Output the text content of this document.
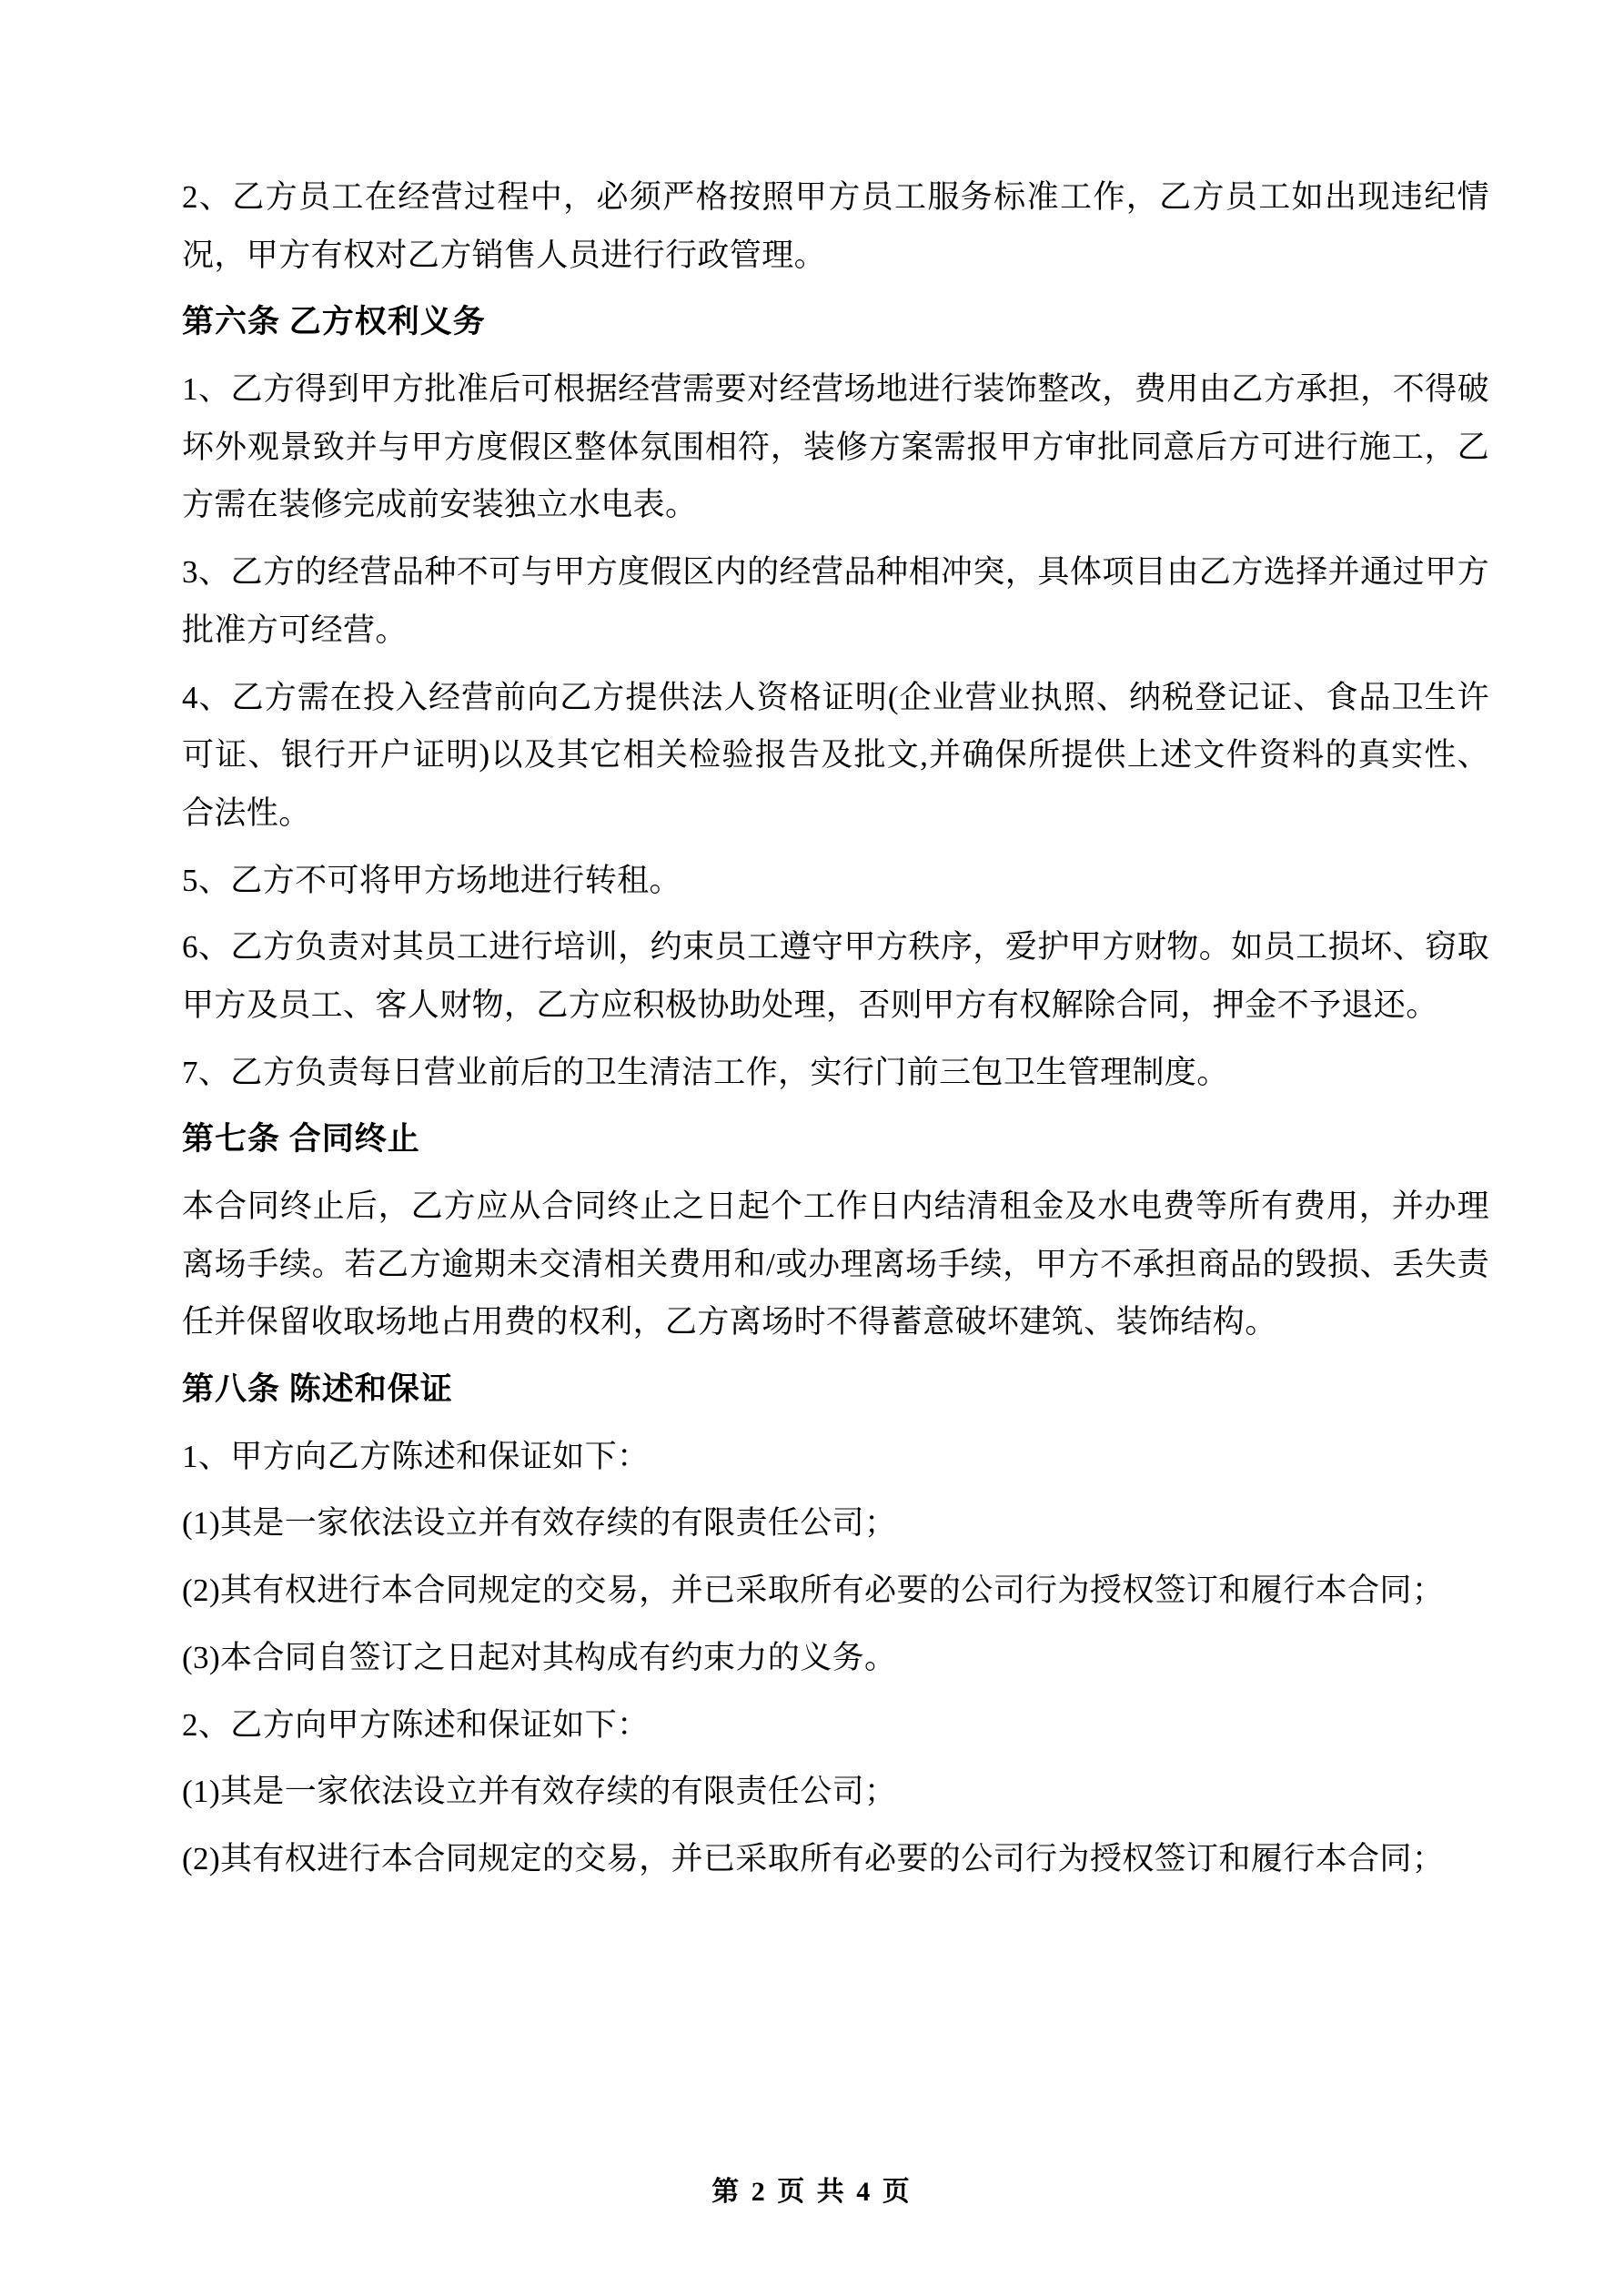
2、乙方员工在经营过程中，必须严格按照甲方员工服务标准工作，乙方员工如出现违纪情况，甲方有权对乙方销售人员进行行政管理。

第六条 乙方权利义务

1、乙方得到甲方批准后可根据经营需要对经营场地进行装饰整改，费用由乙方承担，不得破坏外观景致并与甲方度假区整体氛围相符，装修方案需报甲方审批同意后方可进行施工，乙方需在装修完成前安装独立水电表。

3、乙方的经营品种不可与甲方度假区内的经营品种相冲突，具体项目由乙方选择并通过甲方批准方可经营。

4、乙方需在投入经营前向乙方提供法人资格证明(企业营业执照、纳税登记证、食品卫生许可证、银行开户证明)以及其它相关检验报告及批文,并确保所提供上述文件资料的真实性、合法性。

5、乙方不可将甲方场地进行转租。

6、乙方负责对其员工进行培训，约束员工遵守甲方秩序，爱护甲方财物。如员工损坏、窃取甲方及员工、客人财物，乙方应积极协助处理，否则甲方有权解除合同，押金不予退还。

7、乙方负责每日营业前后的卫生清洁工作，实行门前三包卫生管理制度。

第七条 合同终止

本合同终止后，乙方应从合同终止之日起个工作日内结清租金及水电费等所有费用，并办理离场手续。若乙方逾期未交清相关费用和/或办理离场手续，甲方不承担商品的毁损、丢失责任并保留收取场地占用费的权利，乙方离场时不得蓄意破坏建筑、装饰结构。

第八条 陈述和保证

1、甲方向乙方陈述和保证如下：

(1)其是一家依法设立并有效存续的有限责任公司；

(2)其有权进行本合同规定的交易，并已采取所有必要的公司行为授权签订和履行本合同；

(3)本合同自签订之日起对其构成有约束力的义务。

2、乙方向甲方陈述和保证如下：

(1)其是一家依法设立并有效存续的有限责任公司；

(2)其有权进行本合同规定的交易，并已采取所有必要的公司行为授权签订和履行本合同；

第 2 页 共 4 页
